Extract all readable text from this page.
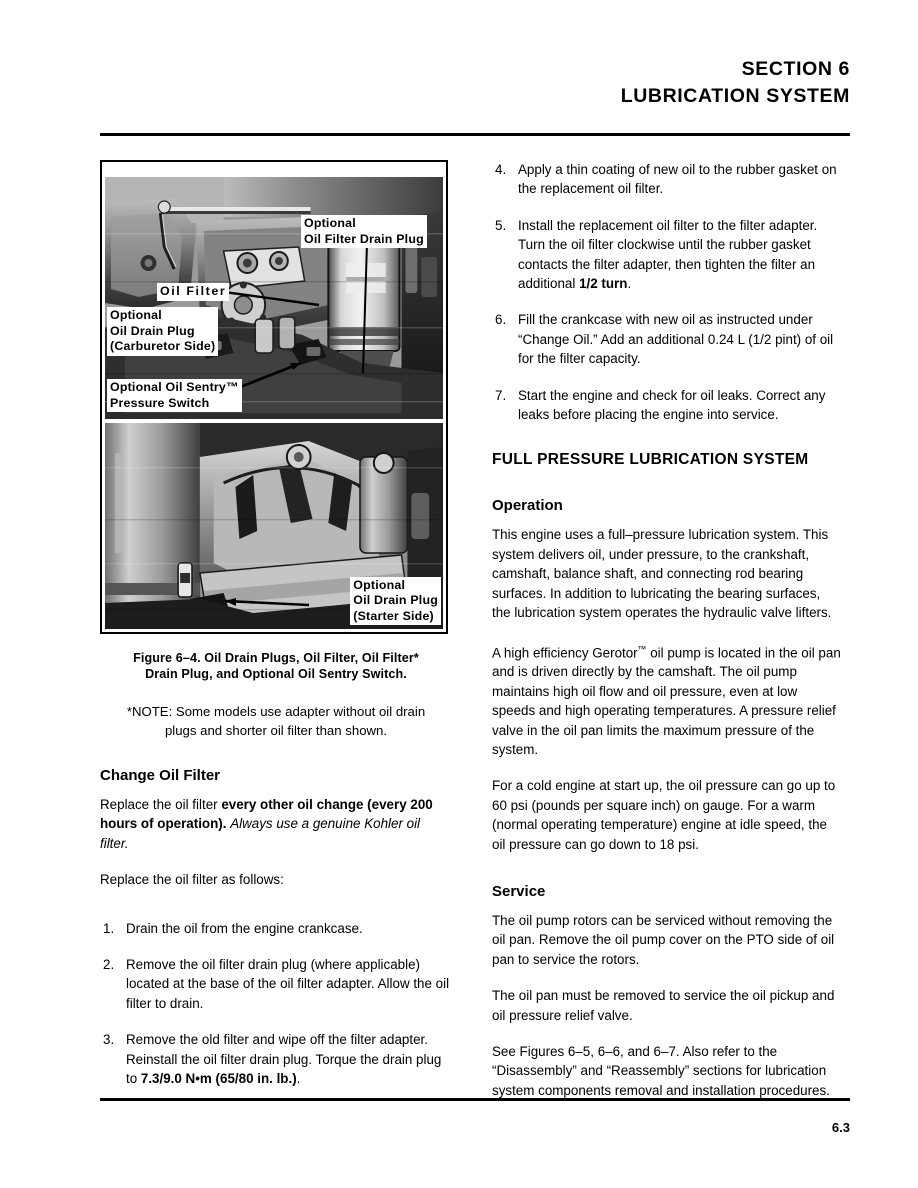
SECTION 6
LUBRICATION SYSTEM
Optional
Oil Filter Drain Plug
Oil Filter
Optional
Oil Drain Plug
(Carburetor Side)
Optional Oil Sentry™
Pressure Switch
Optional
Oil Drain Plug
(Starter Side)
Figure 6–4. Oil Drain Plugs, Oil Filter, Oil Filter*
Drain Plug, and Optional Oil Sentry Switch.
*NOTE: Some models use adapter without oil drain
plugs and shorter oil filter than shown.
Change Oil Filter

Replace the oil filter every other oil change (every 200 hours of operation). Always use a genuine Kohler oil filter.

Replace the oil filter as follows:

1. Drain the oil from the engine crankcase.
2. Remove the oil filter drain plug (where applicable) located at the base of the oil filter adapter. Allow the oil filter to drain.
3. Remove the old filter and wipe off the filter adapter. Reinstall the oil filter drain plug. Torque the drain plug to 7.3/9.0 N•m (65/80 in. lb.).
4. Apply a thin coating of new oil to the rubber gasket on the replacement oil filter.
5. Install the replacement oil filter to the filter adapter. Turn the oil filter clockwise until the rubber gasket contacts the filter adapter, then tighten the filter an additional 1/2 turn.
6. Fill the crankcase with new oil as instructed under “Change Oil.” Add an additional 0.24 L (1/2 pint) of oil for the filter capacity.
7. Start the engine and check for oil leaks. Correct any leaks before placing the engine into service.
FULL PRESSURE LUBRICATION SYSTEM
Operation

This engine uses a full–pressure lubrication system. This system delivers oil, under pressure, to the crankshaft, camshaft, balance shaft, and connecting rod bearing surfaces. In addition to lubricating the bearing surfaces, the lubrication system operates the hydraulic valve lifters.

A high efficiency Gerotor™ oil pump is located in the oil pan and is driven directly by the camshaft. The oil pump maintains high oil flow and oil pressure, even at low speeds and high operating temperatures. A pressure relief valve in the oil pan limits the maximum pressure of the system.

For a cold engine at start up, the oil pressure can go up to 60 psi (pounds per square inch) on gauge. For a warm (normal operating temperature) engine at idle speed, the oil pressure can go down to 18 psi.

Service

The oil pump rotors can be serviced without removing the oil pan. Remove the oil pump cover on the PTO side of oil pan to service the rotors.

The oil pan must be removed to service the oil pickup and oil pressure relief valve.

See Figures 6–5, 6–6, and 6–7. Also refer to the “Disassembly” and “Reassembly” sections for lubrication system components removal and installation procedures.

6.3
